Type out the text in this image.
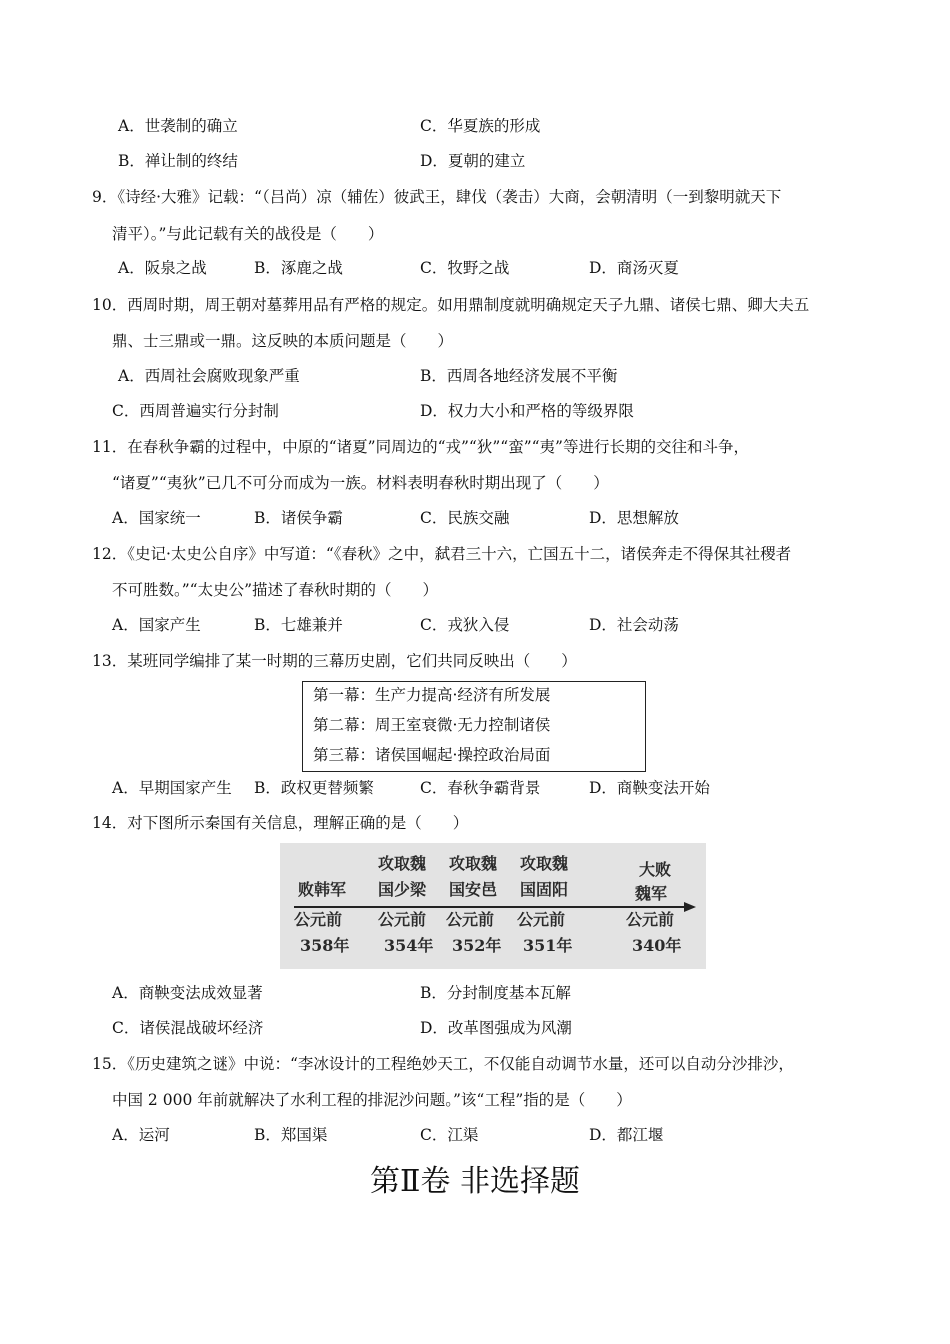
A．世袭制的确立	C．华夏族的形成
B．禅让制的终结	D．夏朝的建立
9．《诗经·大雅》记载：“（吕尚）凉（辅佐）彼武王，肆伐（袭击）大商，会朝清明（一到黎明就天下
清平）。”与此记载有关的战役是（　　）
A．阪泉之战	B．涿鹿之战	C．牧野之战	D．商汤灭夏
10．西周时期，周王朝对墓葬用品有严格的规定。如用鼎制度就明确规定天子九鼎、诸侯七鼎、卿大夫五
鼎、士三鼎或一鼎。这反映的本质问题是（　　）
A．西周社会腐败现象严重	B．西周各地经济发展不平衡
C．西周普遍实行分封制	D．权力大小和严格的等级界限
11．在春秋争霸的过程中，中原的“诸夏”同周边的“戎”“狄”“蛮”“夷”等进行长期的交往和斗争，
“诸夏”“夷狄”已几不可分而成为一族。材料表明春秋时期出现了（　　）
A．国家统一	B．诸侯争霸	C．民族交融	D．思想解放
12．《史记·太史公自序》中写道：“《春秋》之中，弑君三十六，亡国五十二，诸侯奔走不得保其社稷者
不可胜数。”“太史公”描述了春秋时期的（　　）
A．国家产生	B．七雄兼并	C．戎狄入侵	D．社会动荡
13．某班同学编排了某一时期的三幕历史剧，它们共同反映出（　　）
第一幕：生产力提高·经济有所发展
第二幕：周王室衰微·无力控制诸侯
第三幕：诸侯国崛起·操控政治局面
A．早期国家产生 B．政权更替频繁	C．春秋争霸背景	D．商鞅变法开始
14．对下图所示秦国有关信息，理解正确的是（　　）
败韩军
攻取魏
国少梁
攻取魏
国安邑
攻取魏
国固阳
大败
魏军
公元前
358年
公元前
354年
公元前
352年
公元前
351年
公元前
340年
A．商鞅变法成效显著	B．分封制度基本瓦解
C．诸侯混战破坏经济	D．改革图强成为风潮
15．《历史建筑之谜》中说：“李冰设计的工程绝妙天工，不仅能自动调节水量，还可以自动分沙排沙，
中国 2 000 年前就解决了水利工程的排泥沙问题。”该“工程”指的是（　　）
A．运河	B．郑国渠	C．江渠	D．都江堰
第Ⅱ卷 非选择题
